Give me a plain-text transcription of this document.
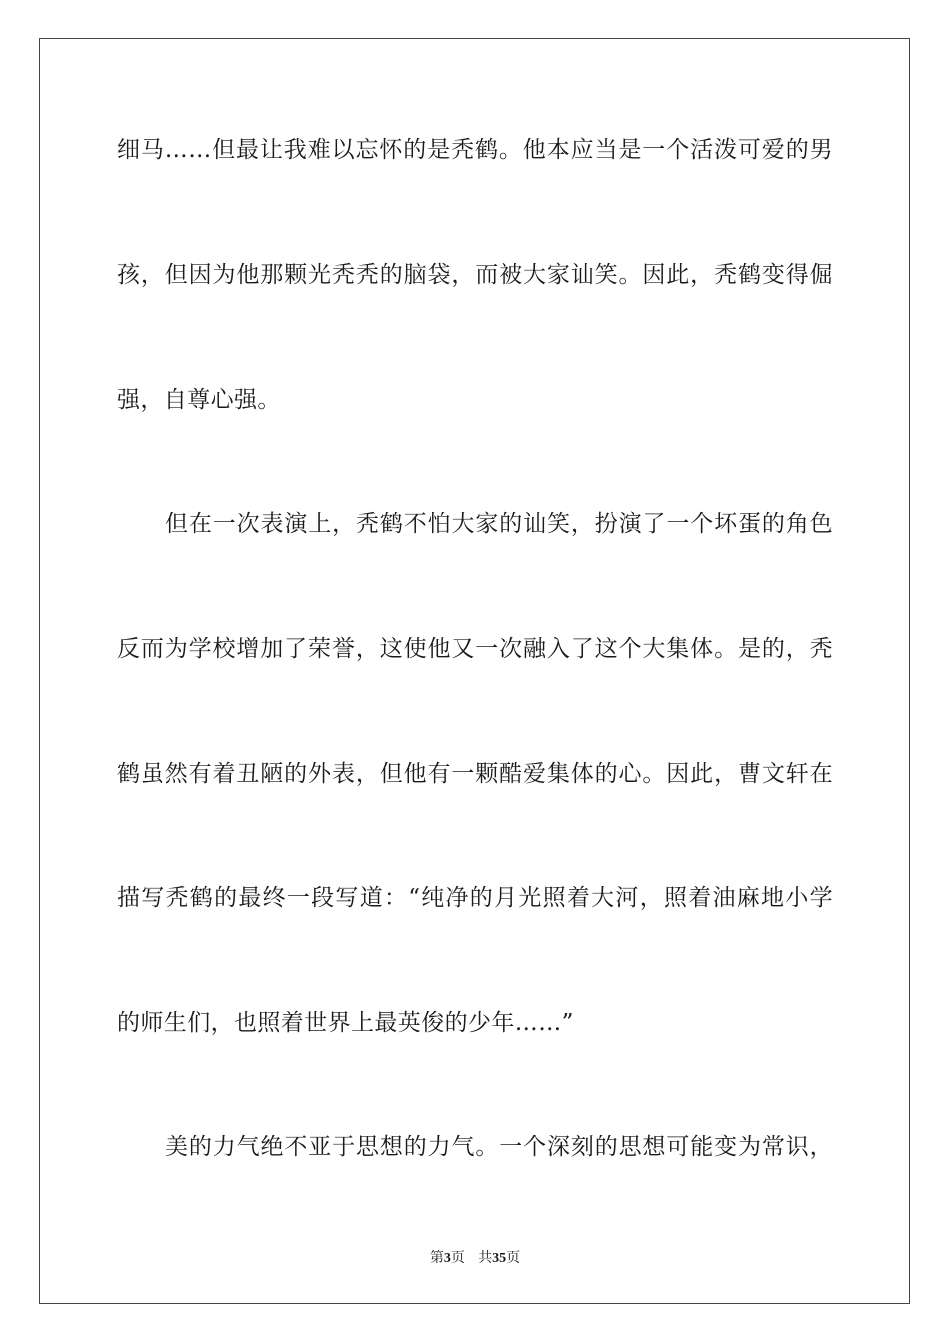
细马……但最让我难以忘怀的是秃鹤。他本应当是一个活泼可爱的男
孩，但因为他那颗光秃秃的脑袋，而被大家讪笑。因此，秃鹤变得倔
强，自尊心强。
但在一次表演上，秃鹤不怕大家的讪笑，扮演了一个坏蛋的角色
反而为学校增加了荣誉，这使他又一次融入了这个大集体。是的，秃
鹤虽然有着丑陋的外表，但他有一颗酷爱集体的心。因此，曹文轩在
描写秃鹤的最终一段写道：“纯净的月光照着大河，照着油麻地小学
的师生们，也照着世界上最英俊的少年……”
美的力气绝不亚于思想的力气。一个深刻的思想可能变为常识，
第3页 共35页
